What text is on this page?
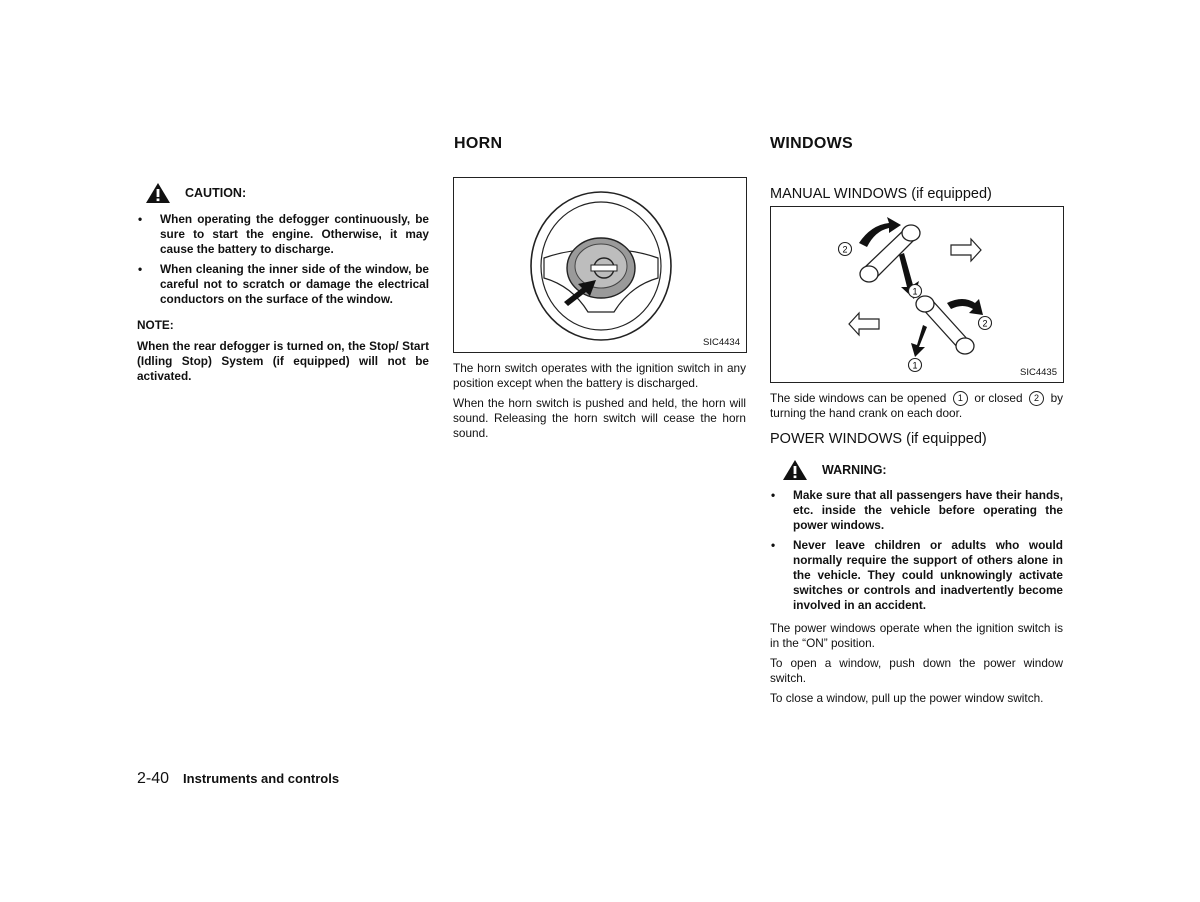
CAUTION:
• When operating the defogger continuously, be sure to start the engine. Otherwise, it may cause the battery to discharge.
• When cleaning the inner side of the window, be careful not to scratch or damage the electrical conductors on the surface of the window.
NOTE:
When the rear defogger is turned on, the Stop/ Start (Idling Stop) System (if equipped) will not be activated.
HORN
SIC4434

The horn switch operates with the ignition switch in any position except when the battery is discharged.

When the horn switch is pushed and held, the horn will sound. Releasing the horn switch will cease the horn sound.

WINDOWS
MANUAL WINDOWS (if equipped)
2
1
2
1
SIC4435
The side windows can be opened 1 or closed 2 by turning the hand crank on each door.
POWER WINDOWS (if equipped)
WARNING:
• Make sure that all passengers have their hands, etc. inside the vehicle before operating the power windows.
• Never leave children or adults who would normally require the support of others alone in the vehicle. They could unknowingly activate switches or controls and inadvertently become involved in an accident.

The power windows operate when the ignition switch is in the “ON” position.

To open a window, push down the power window switch.

To close a window, pull up the power window switch.

2-40 Instruments and controls
